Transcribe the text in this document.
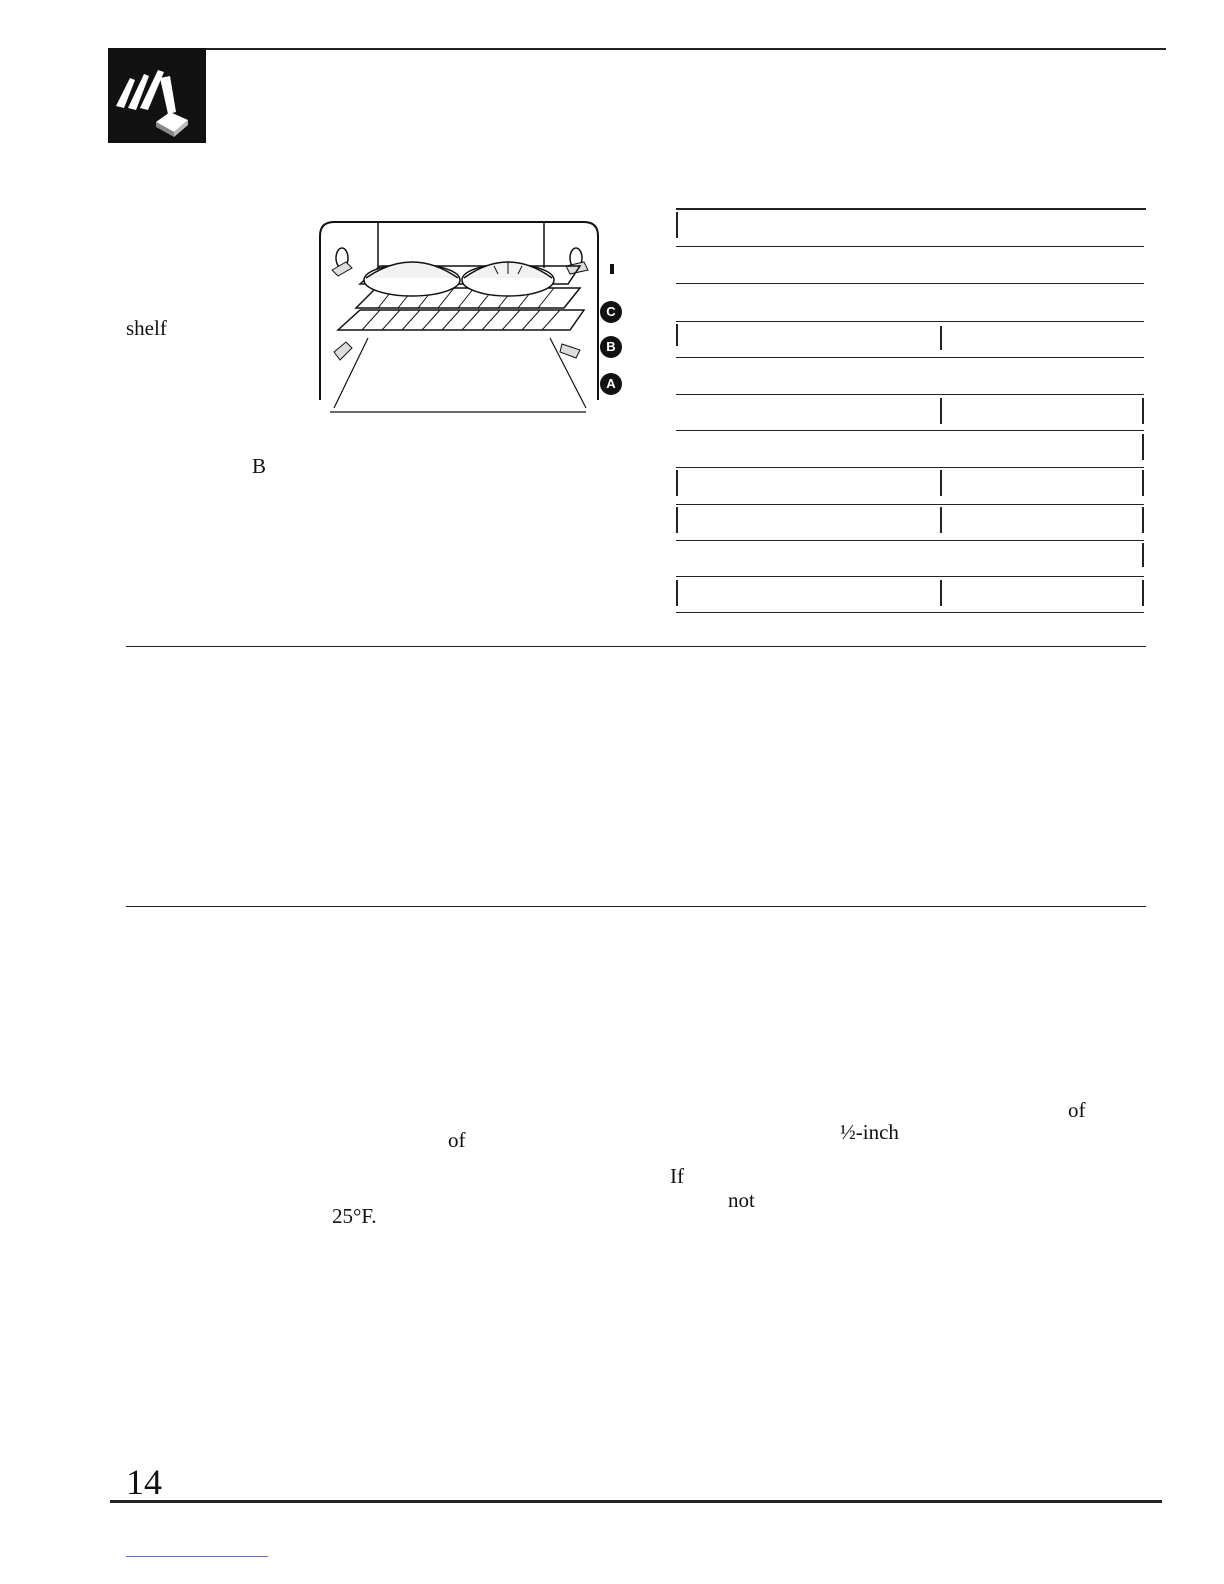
shelf
B
C
B
A
of
of	½-inch
If
not
25°F.
14
